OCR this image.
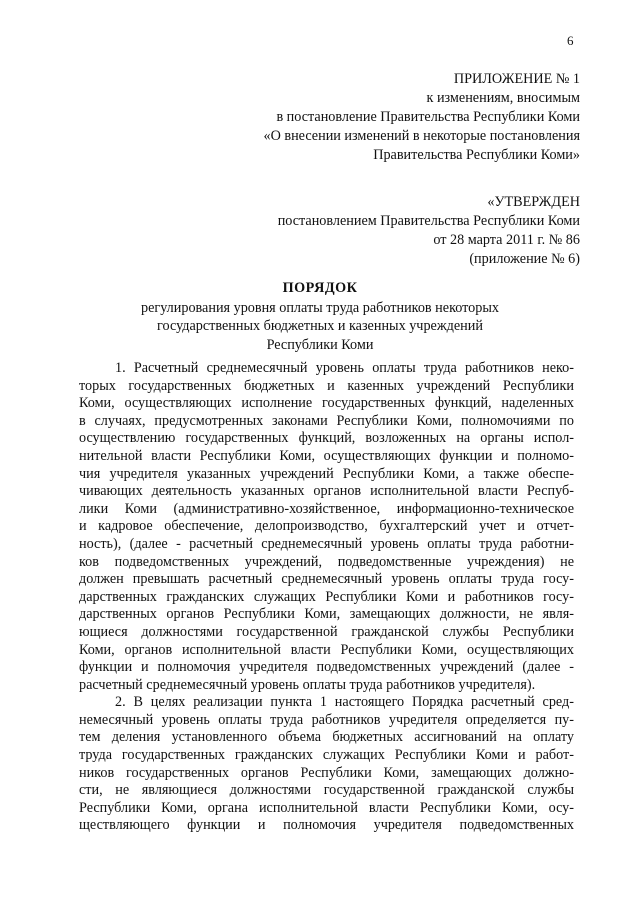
6
ПРИЛОЖЕНИЕ № 1
к изменениям, вносимым
в постановление Правительства Республики Коми
«О внесении изменений в некоторые постановления
Правительства Республики Коми»
«УТВЕРЖДЕН
постановлением Правительства Республики Коми
от 28 марта 2011 г. № 86
(приложение № 6)
ПОРЯДОК
регулирования уровня оплаты труда работников некоторых
государственных бюджетных и казенных учреждений
Республики Коми
1. Расчетный среднемесячный уровень оплаты труда работников неко-
торых государственных бюджетных и казенных учреждений Республики
Коми, осуществляющих исполнение государственных функций, наделенных
в случаях, предусмотренных законами Республики Коми, полномочиями по
осуществлению государственных функций, возложенных на органы испол-
нительной власти Республики Коми, осуществляющих функции и полномо-
чия учредителя указанных учреждений Республики Коми, а также обеспе-
чивающих деятельность указанных органов исполнительной власти Респуб-
лики Коми (административно-хозяйственное, информационно-техническое
и кадровое обеспечение, делопроизводство, бухгалтерский учет и отчет-
ность), (далее - расчетный среднемесячный уровень оплаты труда работни-
ков подведомственных учреждений, подведомственные учреждения) не
должен превышать расчетный среднемесячный уровень оплаты труда госу-
дарственных гражданских служащих Республики Коми и работников госу-
дарственных органов Республики Коми, замещающих должности, не явля-
ющиеся должностями государственной гражданской службы Республики
Коми, органов исполнительной власти Республики Коми, осуществляющих
функции и полномочия учредителя подведомственных учреждений (далее -
расчетный среднемесячный уровень оплаты труда работников учредителя).
2. В целях реализации пункта 1 настоящего Порядка расчетный сред-
немесячный уровень оплаты труда работников учредителя определяется пу-
тем деления установленного объема бюджетных ассигнований на оплату
труда государственных гражданских служащих Республики Коми и работ-
ников государственных органов Республики Коми, замещающих должно-
сти, не являющиеся должностями государственной гражданской службы
Республики Коми, органа исполнительной власти Республики Коми, осу-
ществляющего функции и полномочия учредителя подведомственных
